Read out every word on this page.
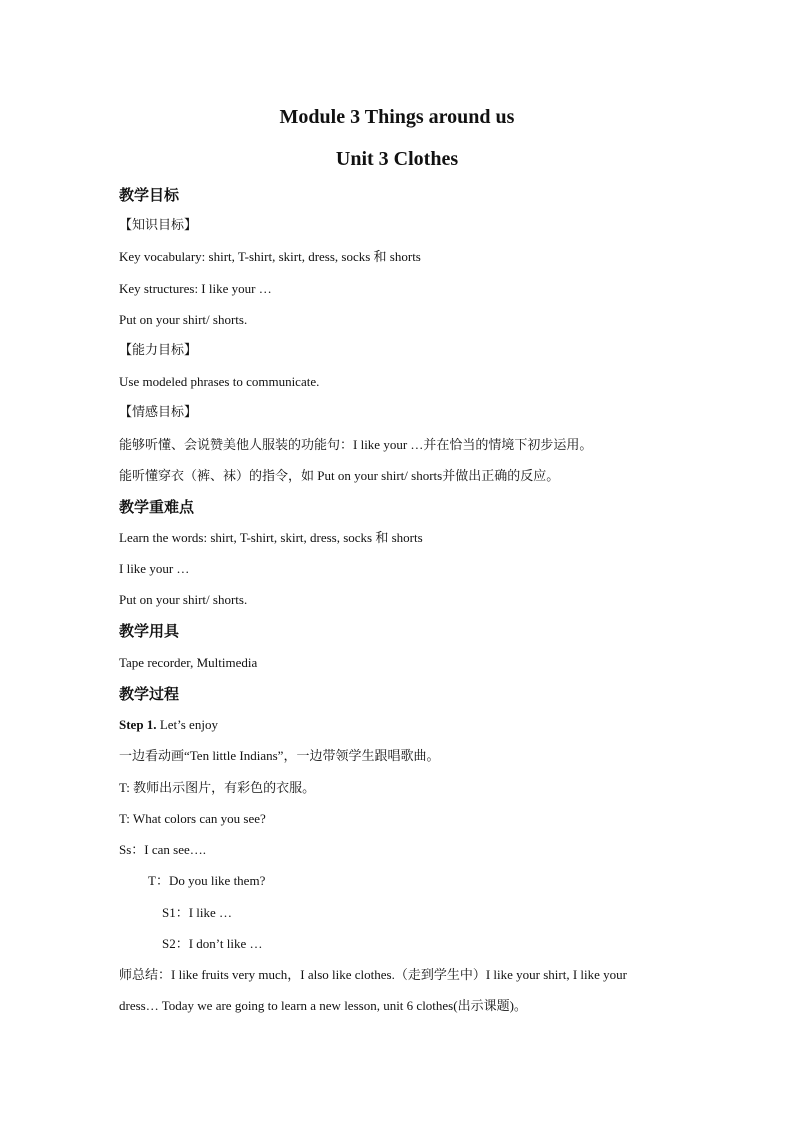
Module 3 Things around us
Unit 3 Clothes
教学目标
【知识目标】
Key vocabulary: shirt, T-shirt, skirt, dress, socks 和 shorts
Key structures: I like your …
Put on your shirt/ shorts.
【能力目标】
Use modeled phrases to communicate.
【情感目标】
能够听懂、会说赞美他人服装的功能句：I like your …并在恰当的情境下初步运用。
能听懂穿衣（裤、袜）的指令，如 Put on your shirt/ shorts并做出正确的反应。
教学重难点
Learn the words: shirt, T-shirt, skirt, dress, socks 和 shorts
I like your …
Put on your shirt/ shorts.
教学用具
Tape recorder, Multimedia
教学过程
Step 1. Let’s enjoy
一边看动画“Ten little Indians”，一边带领学生跟唱歌曲。
T: 教师出示图片，有彩色的衣服。
T: What colors can you see?
Ss：I can see….
T：Do you like them?
S1：I like …
S2：I don’t like …
师总结：I like fruits very much，I also like clothes.（走到学生中）I like your shirt, I like your
dress… Today we are going to learn a new lesson, unit 6 clothes(出示课题)。
